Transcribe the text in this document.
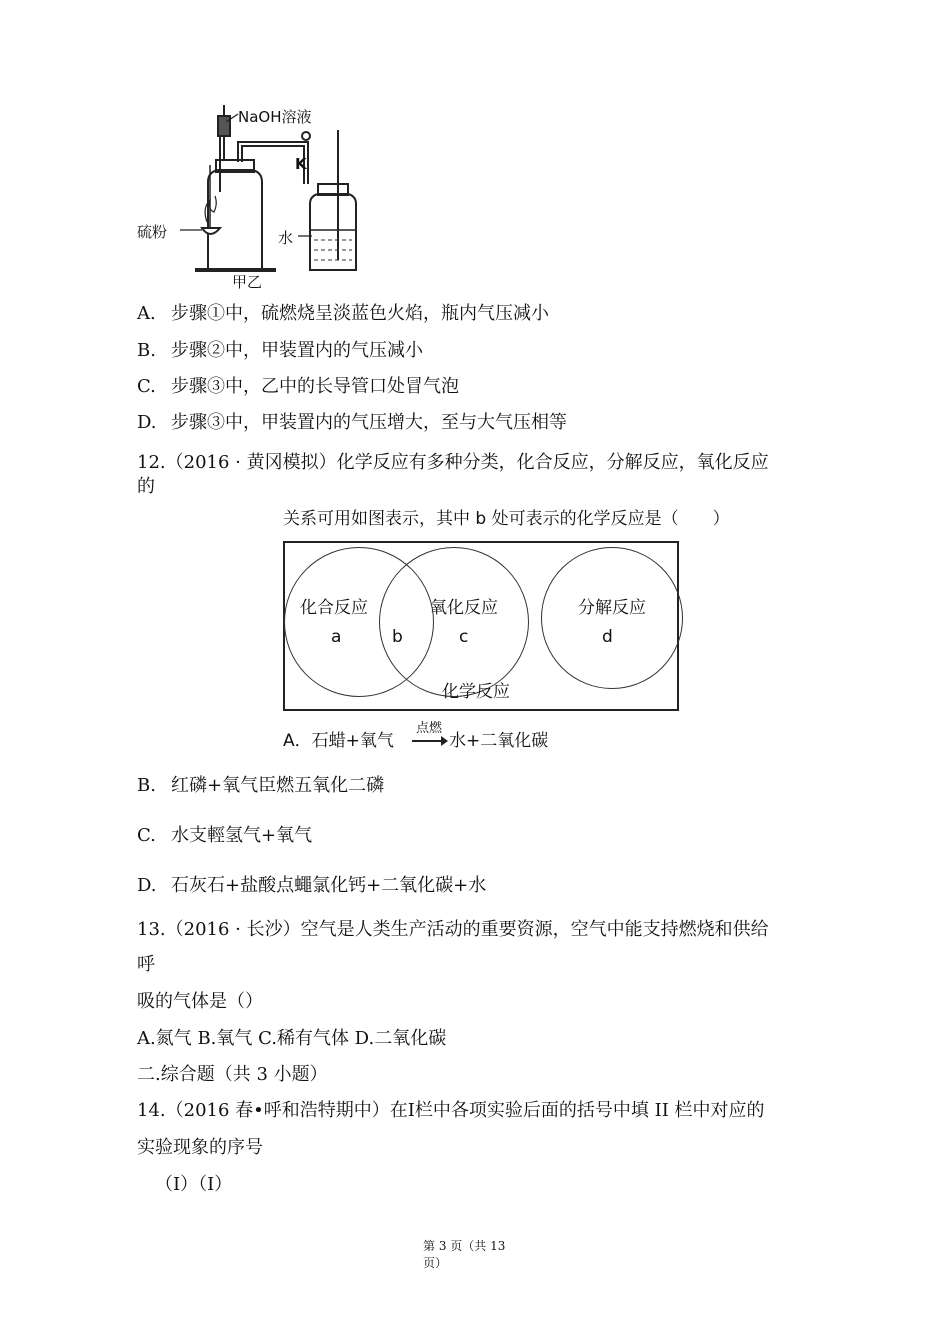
NaOH溶液
K
硫粉	水
甲乙
A. 步骤①中，硫燃烧呈淡蓝色火焰，瓶内气压减小
B. 步骤②中，甲装置内的气压减小
C. 步骤③中，乙中的长导管口处冒气泡
D. 步骤③中，甲装置内的气压增大，至与大气压相等
12.（2016 · 黄冈模拟）化学反应有多种分类，化合反应，分解反应，氧化反应
的
关系可用如图表示，其中 b 处可表示的化学反应是（　　）
化合反应	氧化反应	分解反应
a	b	c	d
化学反应
A．石蜡+氧气
点燃
水+二氧化碳
B. 红磷+氧气臣燃五氧化二磷
C. 水支輕氢气+氧气
D. 石灰石+盐酸点蠅氯化钙+二氧化碳+水
13.（2016 · 长沙）空气是人类生产活动的重要资源，空气中能支持燃烧和供给
呼
吸的气体是（）
A.氮气 B.氧气 C.稀有气体 D.二氧化碳
二.综合题（共 3 小题）
14.（2016 春•呼和浩特期中）在Ⅰ栏中各项实验后面的括号中填 II 栏中对应的
实验现象的序号
（I）（I）
第 3 页（共 13
页）
